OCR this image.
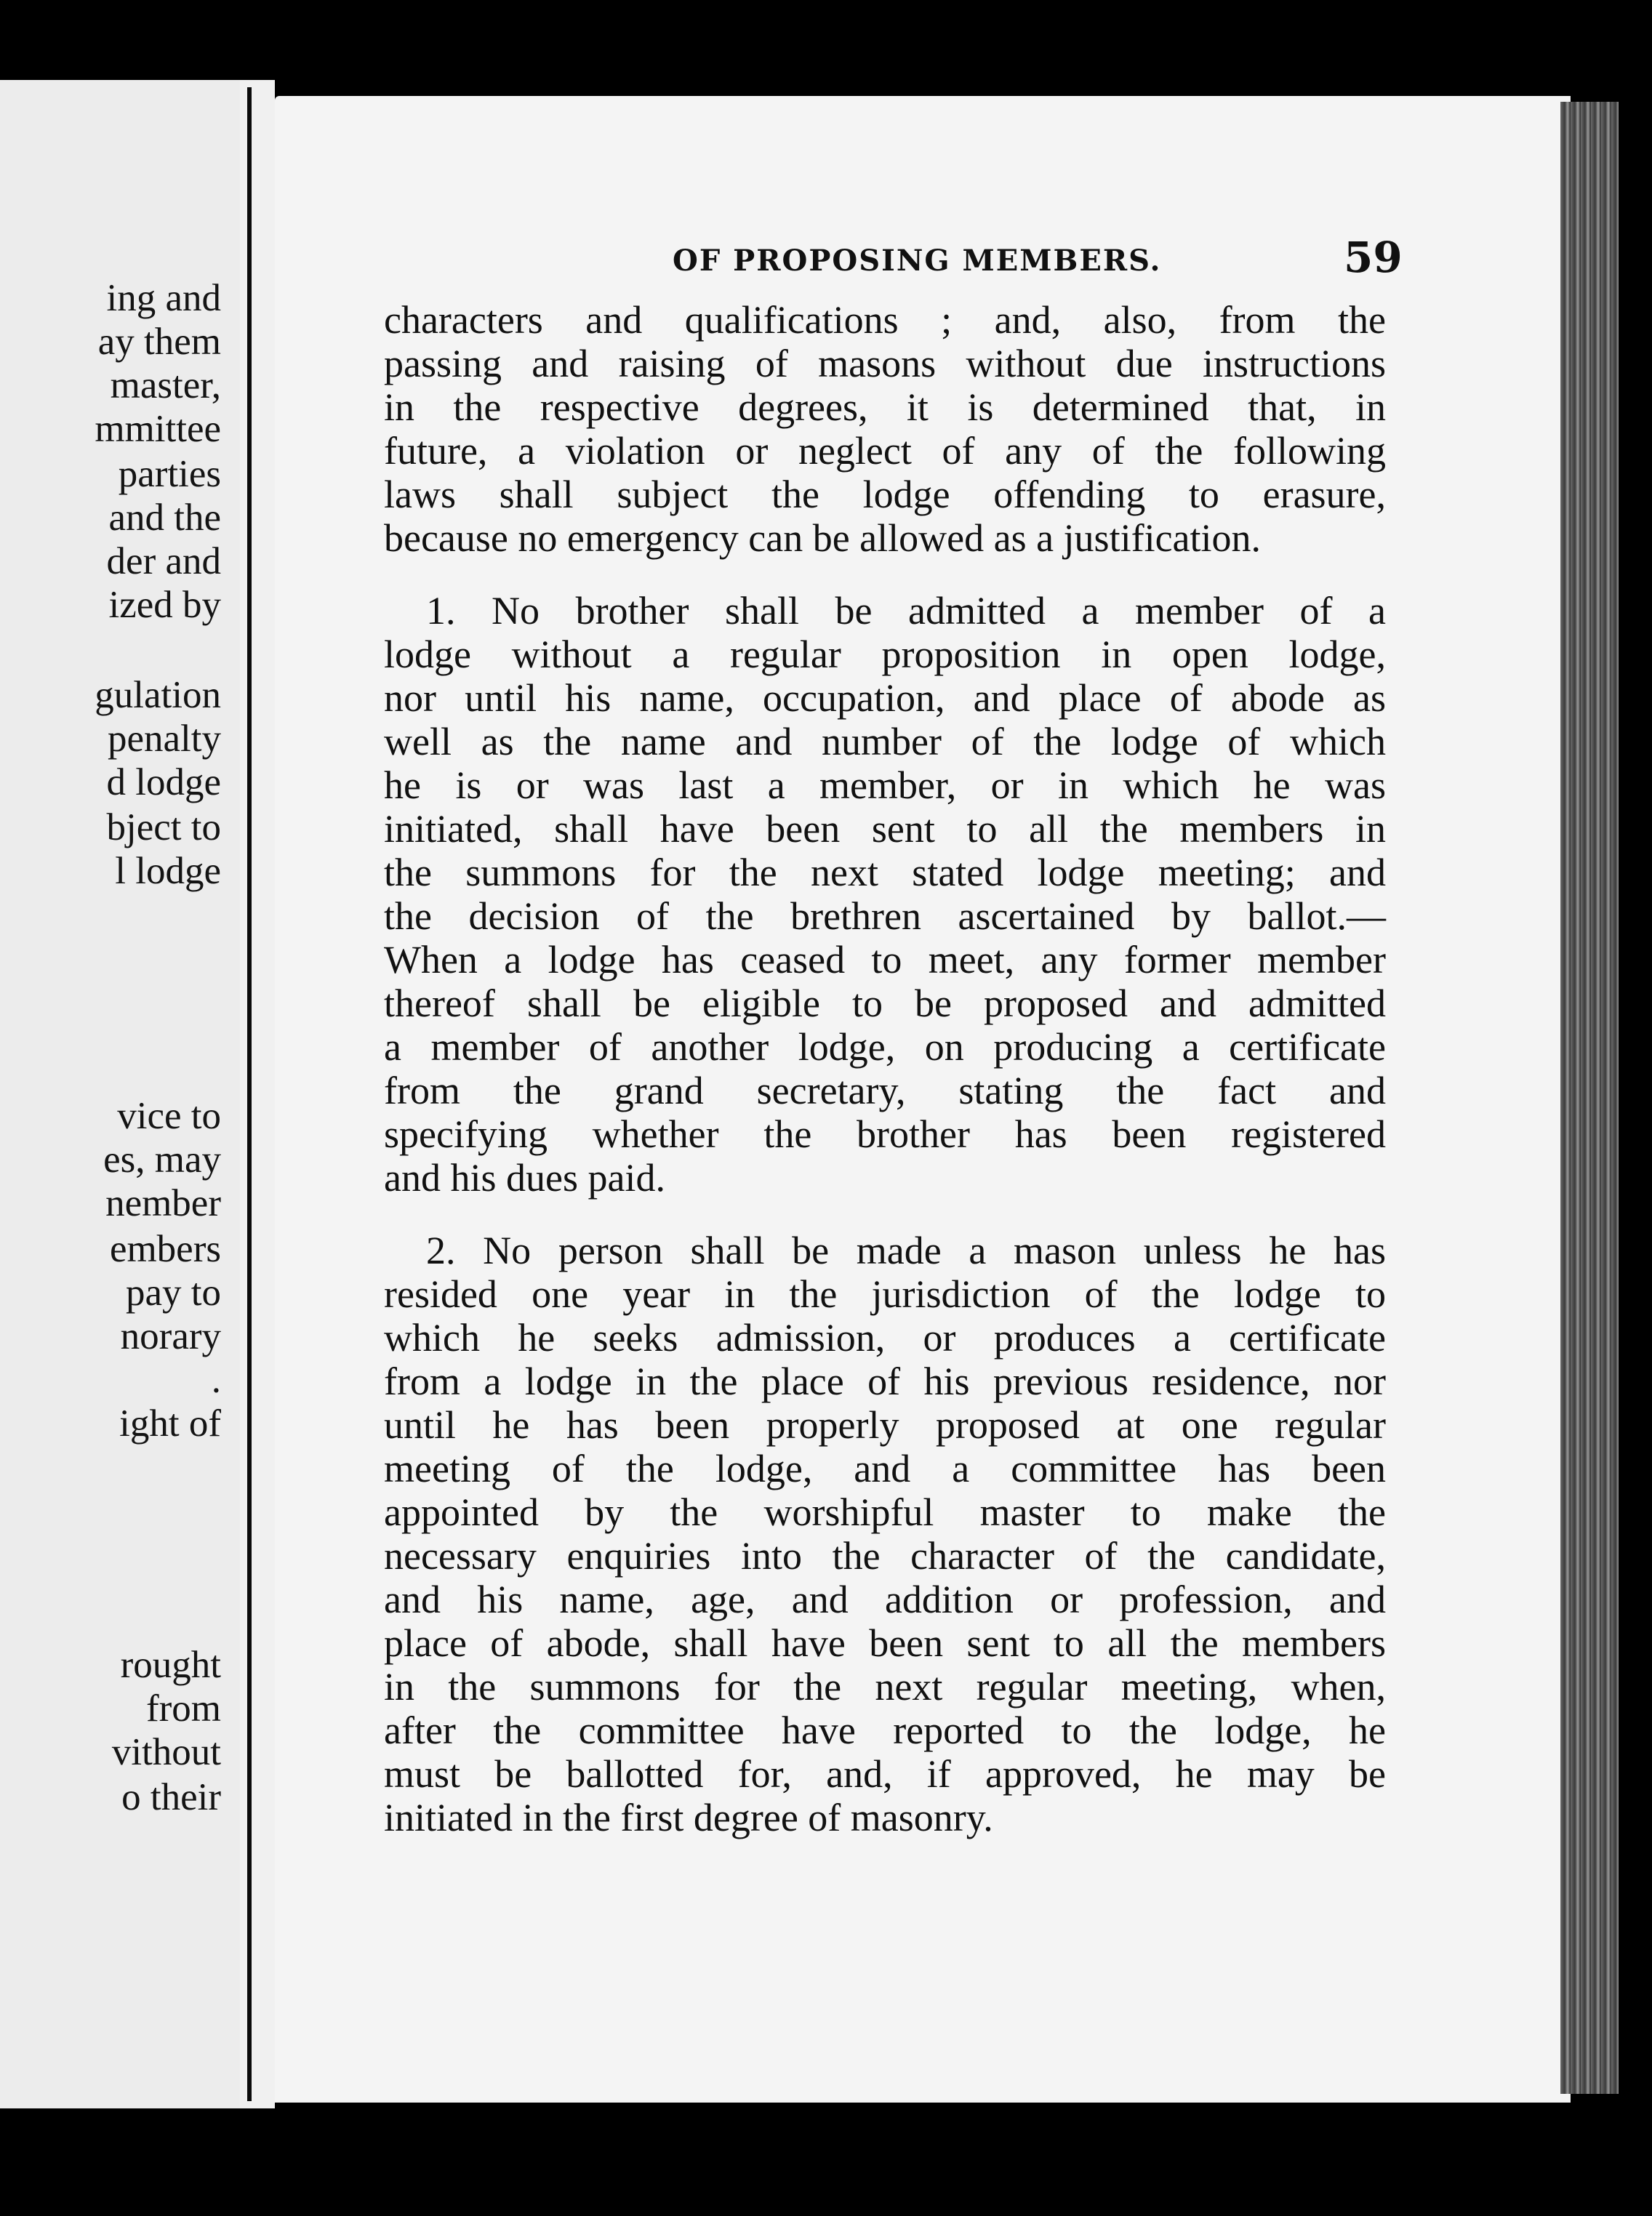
ing and
ay them
master,
mmittee
parties
and the
der and
ized by
gulation
penalty
d lodge
bject to
l lodge
vice to
es, may
nember
embers
pay to
norary
.
ight of
rought
from
vithout
o their
OF PROPOSING MEMBERS.	59
characters and qualifications ; and, also, from the
passing and raising of masons without due instructions
in the respective degrees, it is determined that, in
future, a violation or neglect of any of the following
laws shall subject the lodge offending to erasure,
because no emergency can be allowed as a justification.
1. No brother shall be admitted a member of a
lodge without a regular proposition in open lodge,
nor until his name, occupation, and place of abode as
well as the name and number of the lodge of which
he is or was last a member, or in which he was
initiated, shall have been sent to all the members in
the summons for the next stated lodge meeting; and
the decision of the brethren ascertained by ballot.—
When a lodge has ceased to meet, any former member
thereof shall be eligible to be proposed and admitted
a member of another lodge, on producing a certificate
from the grand secretary, stating the fact and
specifying whether the brother has been registered
and his dues paid.
2. No person shall be made a mason unless he has
resided one year in the jurisdiction of the lodge to
which he seeks admission, or produces a certificate
from a lodge in the place of his previous residence, nor
until he has been properly proposed at one regular
meeting of the lodge, and a committee has been
appointed by the worshipful master to make the
necessary enquiries into the character of the candidate,
and his name, age, and addition or profession, and
place of abode, shall have been sent to all the members
in the summons for the next regular meeting, when,
after the committee have reported to the lodge, he
must be ballotted for, and, if approved, he may be
initiated in the first degree of masonry.
